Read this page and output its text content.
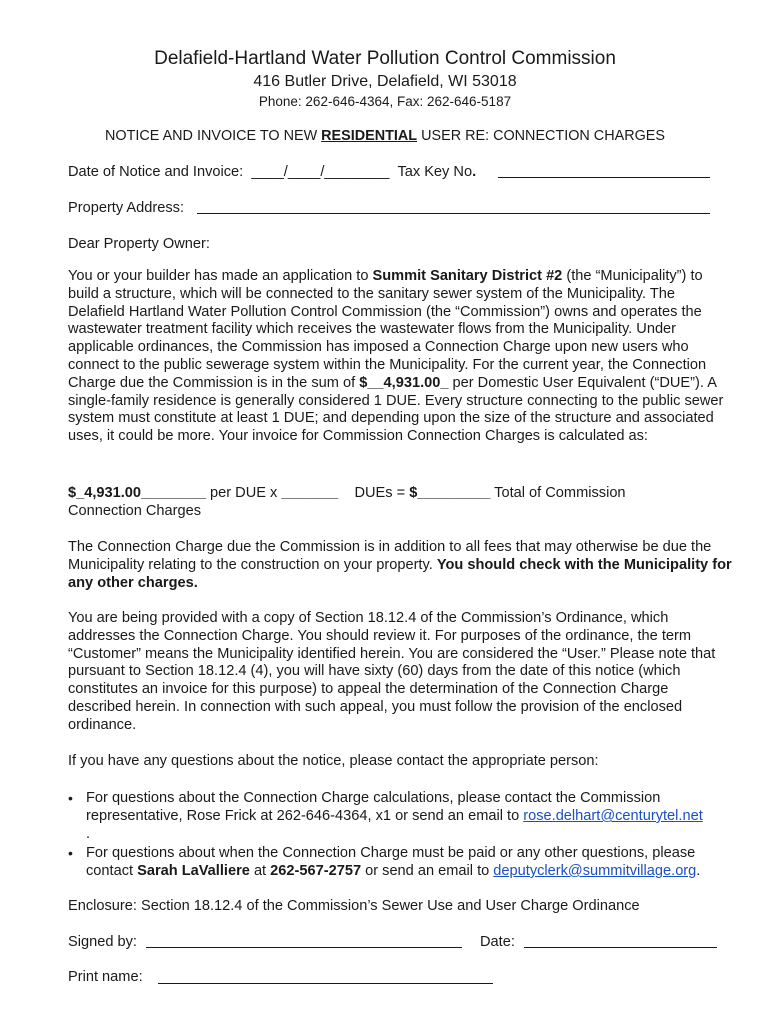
Delafield-Hartland Water Pollution Control Commission
416 Butler Drive, Delafield, WI 53018
Phone: 262-646-4364, Fax: 262-646-5187
NOTICE AND INVOICE TO NEW RESIDENTIAL USER RE: CONNECTION CHARGES
Date of Notice and Invoice: ____/____/________ Tax Key No.
Property Address:
Dear Property Owner:

You or your builder has made an application to Summit Sanitary District #2 (the “Municipality”) to build a structure, which will be connected to the sanitary sewer system of the Municipality. The Delafield Hartland Water Pollution Control Commission (the “Commission”) owns and operates the wastewater treatment facility which receives the wastewater flows from the Municipality. Under applicable ordinances, the Commission has imposed a Connection Charge upon new users who connect to the public sewerage system within the Municipality. For the current year, the Connection Charge due the Commission is in the sum of $__4,931.00_ per Domestic User Equivalent (“DUE”). A single-family residence is generally considered 1 DUE. Every structure connecting to the public sewer system must constitute at least 1 DUE; and depending upon the size of the structure and associated uses, it could be more. Your invoice for Commission Connection Charges is calculated as:

$_4,931.00________ per DUE x _______    DUEs = $_________ Total of Commission
Connection Charges

The Connection Charge due the Commission is in addition to all fees that may otherwise be due the Municipality relating to the construction on your property. You should check with the Municipality for any other charges.

You are being provided with a copy of Section 18.12.4 of the Commission’s Ordinance, which addresses the Connection Charge. You should review it. For purposes of the ordinance, the term “Customer” means the Municipality identified herein. You are considered the “User.” Please note that pursuant to Section 18.12.4 (4), you will have sixty (60) days from the date of this notice (which constitutes an invoice for this purpose) to appeal the determination of the Connection Charge described herein. In connection with such appeal, you must follow the provision of the enclosed ordinance.
If you have any questions about the notice, please contact the appropriate person:
• For questions about the Connection Charge calculations, please contact the Commission representative, Rose Frick at 262-646-4364, x1 or send an email to rose.delhart@centurytel.net
.
• For questions about when the Connection Charge must be paid or any other questions, please contact Sarah LaValliere at 262-567-2757 or send an email to deputyclerk@summitvillage.org.
Enclosure: Section 18.12.4 of the Commission’s Sewer Use and User Charge Ordinance
Signed by:	Date:
Print name:
